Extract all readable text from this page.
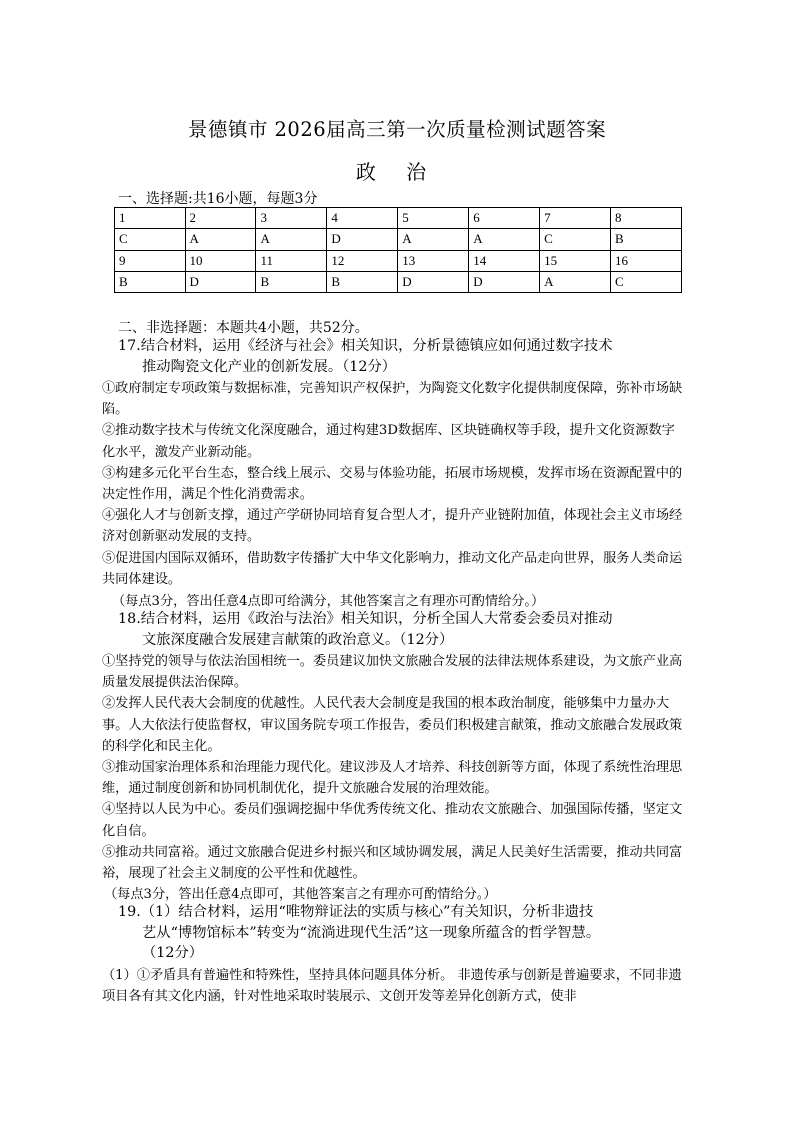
景德镇市 2026届高三第一次质量检测试题答案
政 治
一、选择题:共16小题，每题3分
1	2	3	4	5	6	7	8
C	A	A	D	A	A	C	B
9	10	11	12	13	14	15	16
B	D	B	B	D	D	A	C
二、非选择题：本题共4小题，共52分。
17.结合材料，运用《经济与社会》相关知识，分析景德镇应如何通过数字技术
推动陶瓷文化产业的创新发展。（12分）

①政府制定专项政策与数据标准，完善知识产权保护，为陶瓷文化数字化提供制度保障，弥补市场缺陷。

②推动数字技术与传统文化深度融合，通过构建3D数据库、区块链确权等手段，提升文化资源数字化水平，激发产业新动能。

③构建多元化平台生态，整合线上展示、交易与体验功能，拓展市场规模，发挥市场在资源配置中的决定性作用，满足个性化消费需求。

④强化人才与创新支撑，通过产学研协同培育复合型人才，提升产业链附加值，体现社会主义市场经济对创新驱动发展的支持。

⑤促进国内国际双循环，借助数字传播扩大中华文化影响力，推动文化产品走向世界，服务人类命运共同体建设。

（每点3分，答出任意4点即可给满分，其他答案言之有理亦可酌情给分。）
18.结合材料，运用《政治与法治》相关知识，分析全国人大常委会委员对推动
文旅深度融合发展建言献策的政治意义。（12分）

①坚持党的领导与依法治国相统一。委员建议加快文旅融合发展的法律法规体系建设，为文旅产业高质量发展提供法治保障。

②发挥人民代表大会制度的优越性。人民代表大会制度是我国的根本政治制度，能够集中力量办大事。人大依法行使监督权，审议国务院专项工作报告，委员们积极建言献策，推动文旅融合发展政策的科学化和民主化。

③推动国家治理体系和治理能力现代化。建议涉及人才培养、科技创新等方面，体现了系统性治理思维，通过制度创新和协同机制优化，提升文旅融合发展的治理效能。

④坚持以人民为中心。委员们强调挖掘中华优秀传统文化、推动农文旅融合、加强国际传播，坚定文化自信。

⑤推动共同富裕。通过文旅融合促进乡村振兴和区域协调发展，满足人民美好生活需要，推动共同富裕，展现了社会主义制度的公平性和优越性。

（每点3分，答出任意4点即可，其他答案言之有理亦可酌情给分。）
19.（1）结合材料，运用“唯物辩证法的实质与核心”有关知识，分析非遗技
艺从“博物馆标本”转变为“流淌进现代生活”这一现象所蕴含的哲学智慧。
（12分）

（1）①矛盾具有普遍性和特殊性，坚持具体问题具体分析。 非遗传承与创新是普遍要求，不同非遗项目各有其文化内涵，针对性地采取时装展示、文创开发等差异化创新方式，使非
